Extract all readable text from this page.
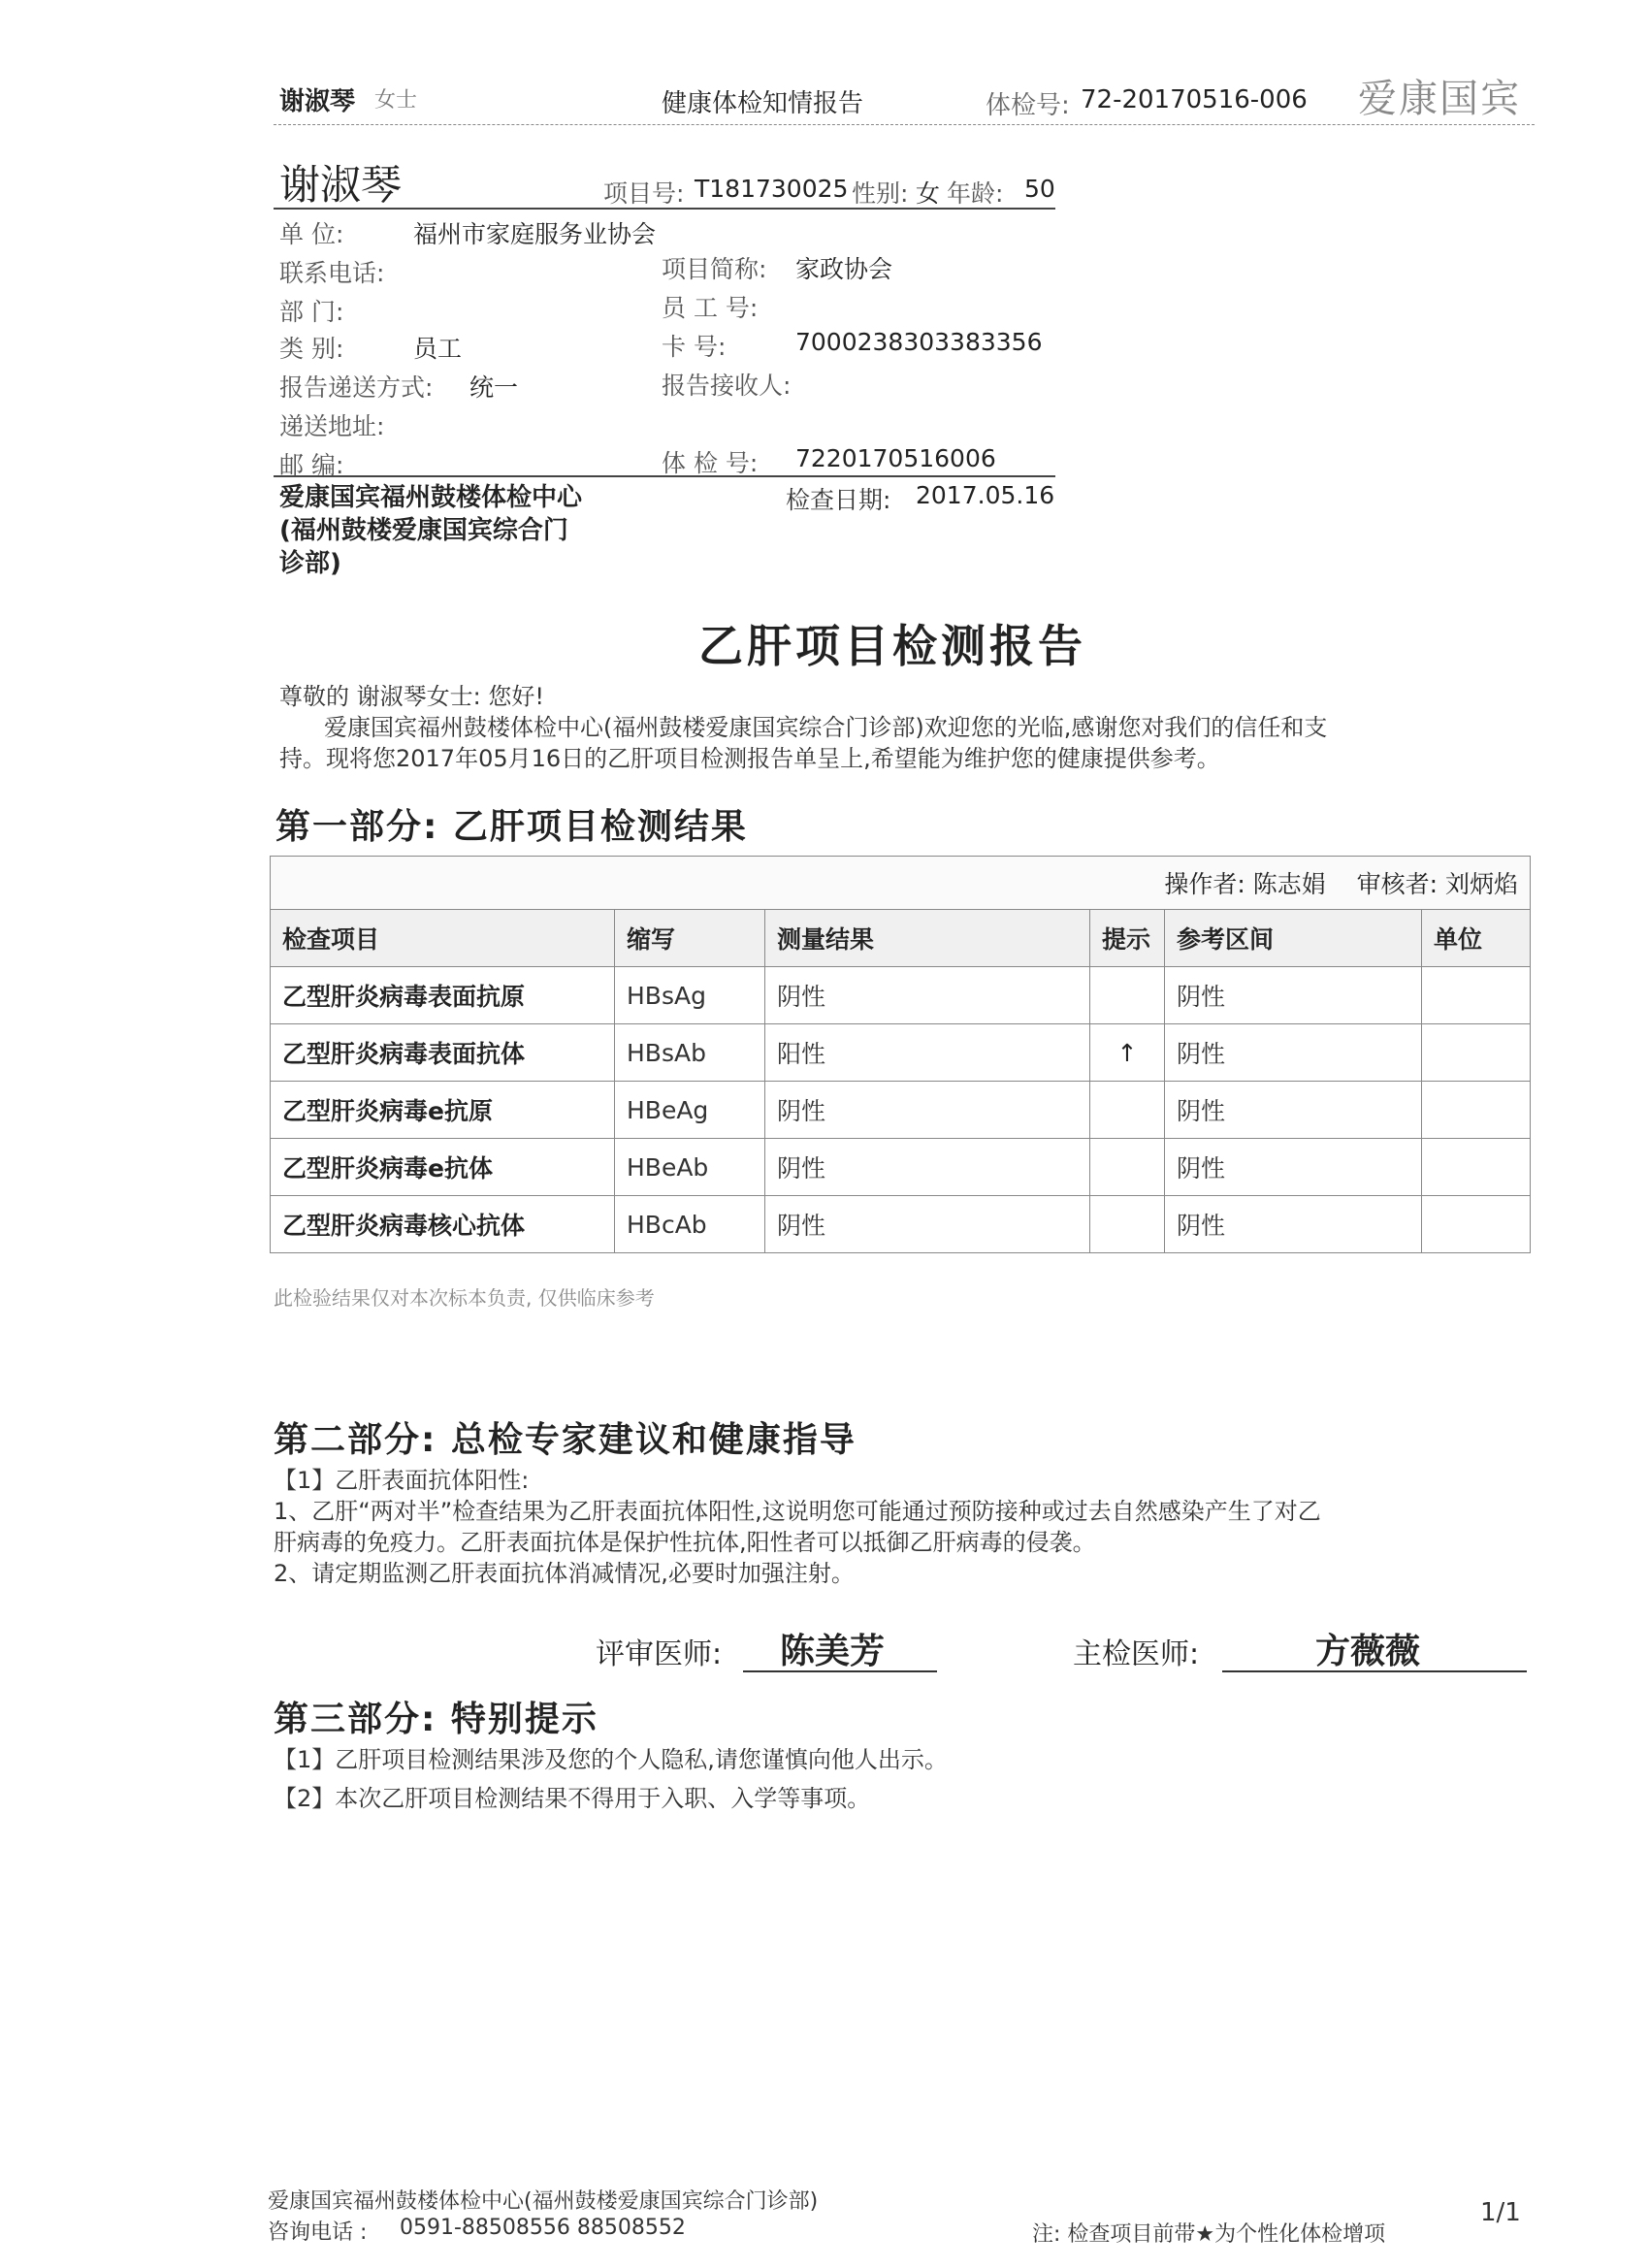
谢淑琴 女士	健康体检知情报告	体检号: 72-20170516-006 爱康国宾
谢淑琴	项目号: T181730025 性别: 女 年龄: 50
单 位:	福州市家庭服务业协会
联系电话:	项目简称: 家政协会
部 门:	员 工 号:
类 别:	员工	卡 号:	7000238303383356
报告递送方式: 统一	报告接收人:
递送地址:
邮 编:	体 检 号: 7220170516006
爱康国宾福州鼓楼体检中心
(福州鼓楼爱康国宾综合门
诊部)
检查日期: 2017.05.16
乙肝项目检测报告
尊敬的 谢淑琴女士: 您好!
爱康国宾福州鼓楼体检中心(福州鼓楼爱康国宾综合门诊部)欢迎您的光临,感谢您对我们的信任和支
持。现将您2017年05月16日的乙肝项目检测报告单呈上,希望能为维护您的健康提供参考。
第一部分: 乙肝项目检测结果
操作者: 陈志娟 审核者: 刘炳焰					
检查项目	缩写	测量结果	提示	参考区间	单位
乙型肝炎病毒表面抗原	HBsAg	阴性		阴性	
乙型肝炎病毒表面抗体	HBsAb	阳性	↑	阴性	
乙型肝炎病毒e抗原	HBeAg	阴性		阴性	
乙型肝炎病毒e抗体	HBeAb	阴性		阴性	
乙型肝炎病毒核心抗体	HBcAb	阴性		阴性	
此检验结果仅对本次标本负责, 仅供临床参考
第二部分: 总检专家建议和健康指导
【1】乙肝表面抗体阳性:
1、乙肝“两对半”检查结果为乙肝表面抗体阳性,这说明您可能通过预防接种或过去自然感染产生了对乙
肝病毒的免疫力。乙肝表面抗体是保护性抗体,阳性者可以抵御乙肝病毒的侵袭。
2、请定期监测乙肝表面抗体消减情况,必要时加强注射。
评审医师: 陈美芳	主检医师:	方薇薇
第三部分: 特别提示
【1】乙肝项目检测结果涉及您的个人隐私,请您谨慎向他人出示。
【2】本次乙肝项目检测结果不得用于入职、入学等事项。
爱康国宾福州鼓楼体检中心(福州鼓楼爱康国宾综合门诊部)
咨询电话 : 0591-88508556 88508552	注: 检查项目前带★为个性化体检增项
1/1
